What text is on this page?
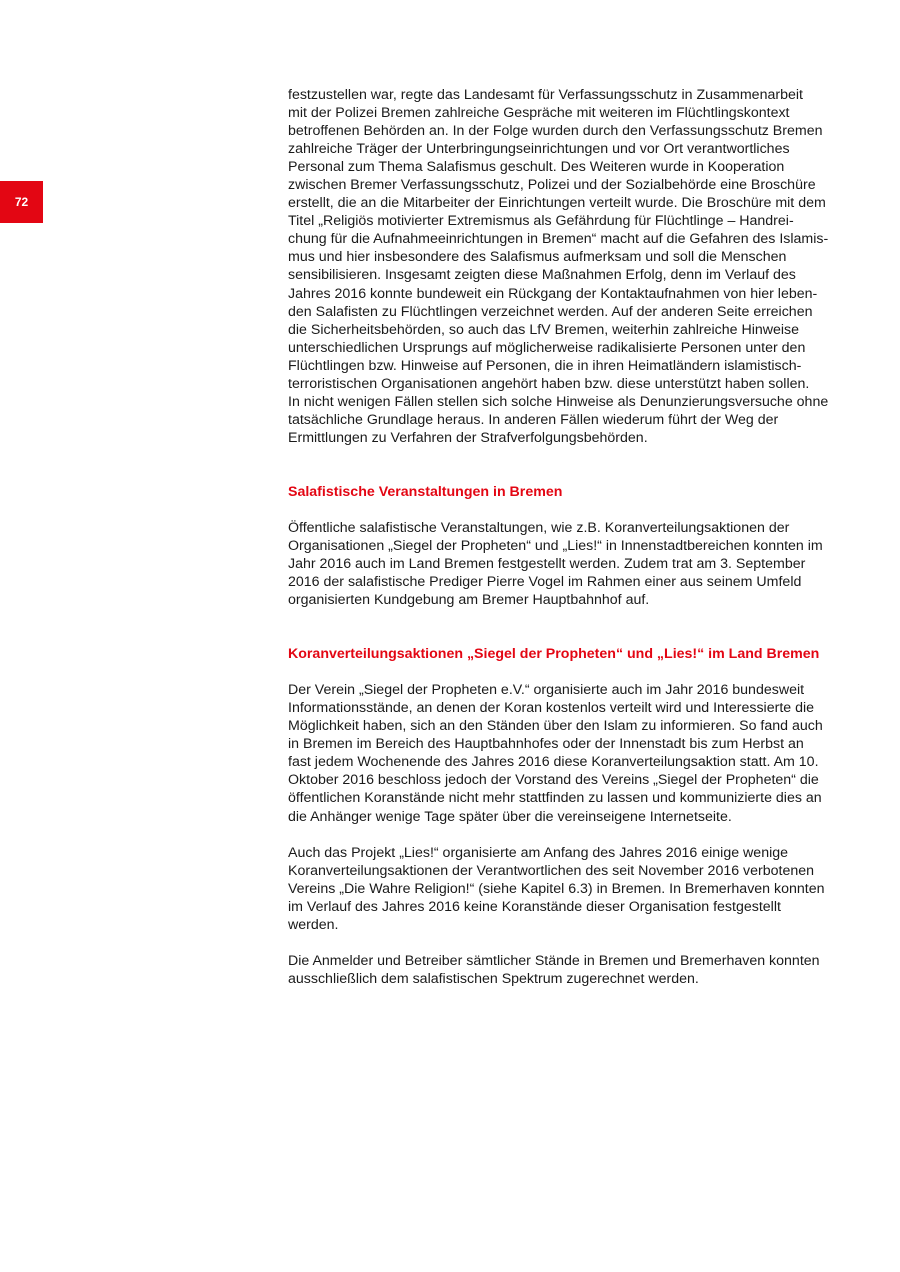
72
festzustellen war, regte das Landesamt für Verfassungsschutz in Zusammenarbeit
mit der Polizei Bremen zahlreiche Gespräche mit weiteren im Flüchtlingskontext
betroffenen Behörden an. In der Folge wurden durch den Verfassungsschutz Bremen
zahlreiche Träger der Unterbringungseinrichtungen und vor Ort verantwortliches
Personal zum Thema Salafismus geschult. Des Weiteren wurde in Kooperation
zwischen Bremer Verfassungsschutz, Polizei und der Sozialbehörde eine Broschüre
erstellt, die an die Mitarbeiter der Einrichtungen verteilt wurde. Die Broschüre mit dem
Titel „Religiös motivierter Extremismus als Gefährdung für Flüchtlinge – Handrei-
chung für die Aufnahmeeinrichtungen in Bremen“ macht auf die Gefahren des Islamis-
mus und hier insbesondere des Salafismus aufmerksam und soll die Menschen
sensibilisieren. Insgesamt zeigten diese Maßnahmen Erfolg, denn im Verlauf des
Jahres 2016 konnte bundeweit ein Rückgang der Kontaktaufnahmen von hier leben-
den Salafisten zu Flüchtlingen verzeichnet werden. Auf der anderen Seite erreichen
die Sicherheitsbehörden, so auch das LfV Bremen, weiterhin zahlreiche Hinweise
unterschiedlichen Ursprungs auf möglicherweise radikalisierte Personen unter den
Flüchtlingen bzw. Hinweise auf Personen, die in ihren Heimatländern islamistisch-
terroristischen Organisationen angehört haben bzw. diese unterstützt haben sollen.
In nicht wenigen Fällen stellen sich solche Hinweise als Denunzierungsversuche ohne
tatsächliche Grundlage heraus. In anderen Fällen wiederum führt der Weg der
Ermittlungen zu Verfahren der Strafverfolgungsbehörden.
Salafistische Veranstaltungen in Bremen
Öffentliche salafistische Veranstaltungen, wie z.B. Koranverteilungsaktionen der
Organisationen „Siegel der Propheten“ und „Lies!“ in Innenstadtbereichen konnten im
Jahr 2016 auch im Land Bremen festgestellt werden. Zudem trat am 3. September
2016 der salafistische Prediger Pierre Vogel im Rahmen einer aus seinem Umfeld
organisierten Kundgebung am Bremer Hauptbahnhof auf.
Koranverteilungsaktionen „Siegel der Propheten“ und „Lies!“ im Land Bremen
Der Verein „Siegel der Propheten e.V.“ organisierte auch im Jahr 2016 bundesweit
Informationsstände, an denen der Koran kostenlos verteilt wird und Interessierte die
Möglichkeit haben, sich an den Ständen über den Islam zu informieren. So fand auch
in Bremen im Bereich des Hauptbahnhofes oder der Innenstadt bis zum Herbst an
fast jedem Wochenende des Jahres 2016 diese Koranverteilungsaktion statt. Am 10.
Oktober 2016 beschloss jedoch der Vorstand des Vereins „Siegel der Propheten“ die
öffentlichen Koranstände nicht mehr stattfinden zu lassen und kommunizierte dies an
die Anhänger wenige Tage später über die vereinseigene Internetseite.
Auch das Projekt „Lies!“ organisierte am Anfang des Jahres 2016 einige wenige
Koranverteilungsaktionen der Verantwortlichen des seit November 2016 verbotenen
Vereins „Die Wahre Religion!“ (siehe Kapitel 6.3) in Bremen. In Bremerhaven konnten
im Verlauf des Jahres 2016 keine Koranstände dieser Organisation festgestellt
werden.
Die Anmelder und Betreiber sämtlicher Stände in Bremen und Bremerhaven konnten
ausschließlich dem salafistischen Spektrum zugerechnet werden.
